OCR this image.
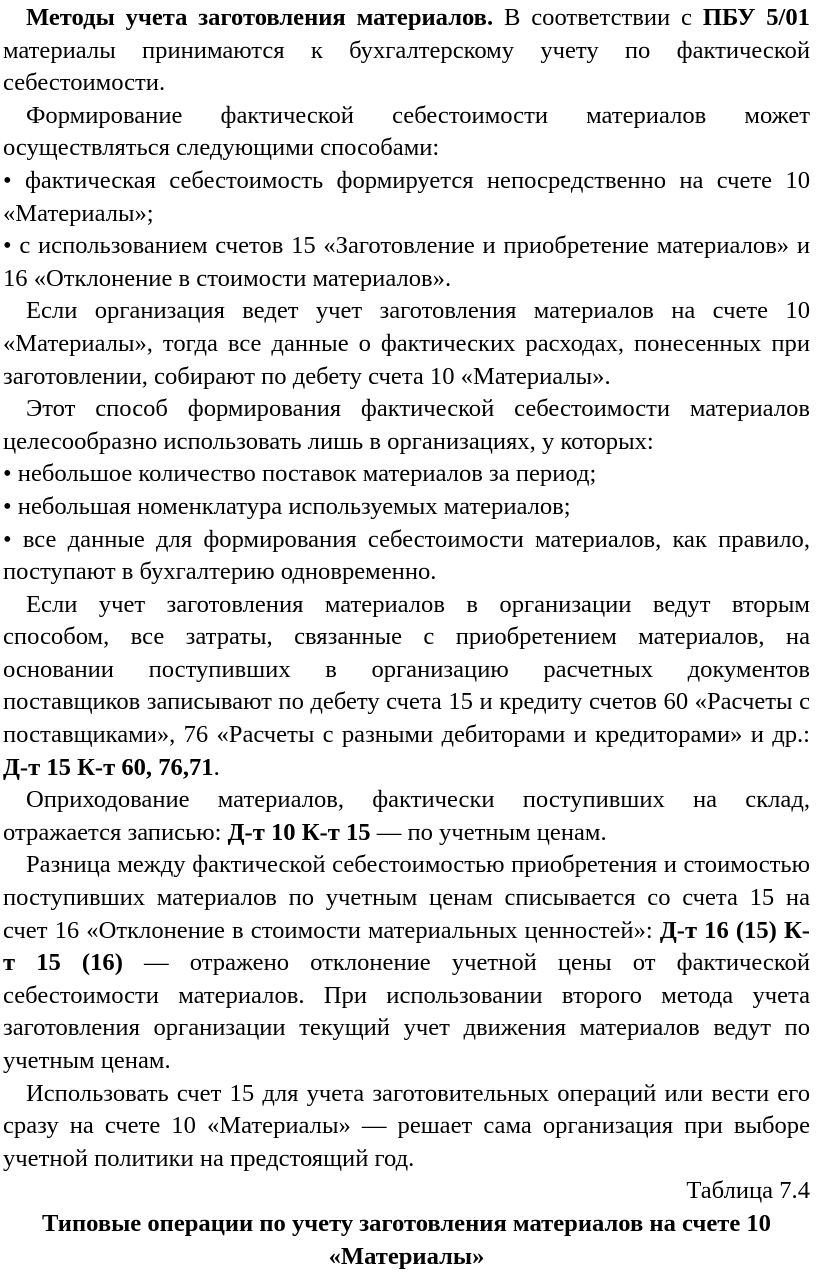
Методы учета заготовления материалов. В соответствии с ПБУ 5/01 материалы принимаются к бухгалтерскому учету по фактической себестоимости.

Формирование фактической себестоимости материалов может осуществляться следующими способами:

• фактическая себестоимость формируется непосредственно на счете 10 «Материалы»;

• с использованием счетов 15 «Заготовление и приобретение материалов» и 16 «Отклонение в стоимости материалов».

Если организация ведет учет заготовления материалов на счете 10 «Материалы», тогда все данные о фактических расходах, понесенных при заготовлении, собирают по дебету счета 10 «Материалы».

Этот способ формирования фактической себестоимости материалов целесообразно использовать лишь в организациях, у которых:

• небольшое количество поставок материалов за период;

• небольшая номенклатура используемых материалов;

• все данные для формирования себестоимости материалов, как правило, поступают в бухгалтерию одновременно.

Если учет заготовления материалов в организации ведут вторым способом, все затраты, связанные с приобретением материалов, на основании поступивших в организацию расчетных документов поставщиков записывают по дебету счета 15 и кредиту счетов 60 «Расчеты с поставщиками», 76 «Расчеты с разными дебиторами и кредиторами» и др.: Д-т 15 К-т 60, 76,71.

Оприходование материалов, фактически поступивших на склад, отражается записью: Д-т 10 К-т 15 — по учетным ценам.

Разница между фактической себестоимостью приобретения и стоимостью поступивших материалов по учетным ценам списывается со счета 15 на счет 16 «Отклонение в стоимости материальных ценностей»: Д-т 16 (15) К-т 15 (16) — отражено отклонение учетной цены от фактической себестоимости материалов. При использовании второго метода учета заготовления организации текущий учет движения материалов ведут по учетным ценам.

Использовать счет 15 для учета заготовительных операций или вести его сразу на счете 10 «Материалы» — решает сама организация при выборе учетной политики на предстоящий год.

Таблица 7.4

Типовые операции по учету заготовления материалов на счете 10 «Материалы»
